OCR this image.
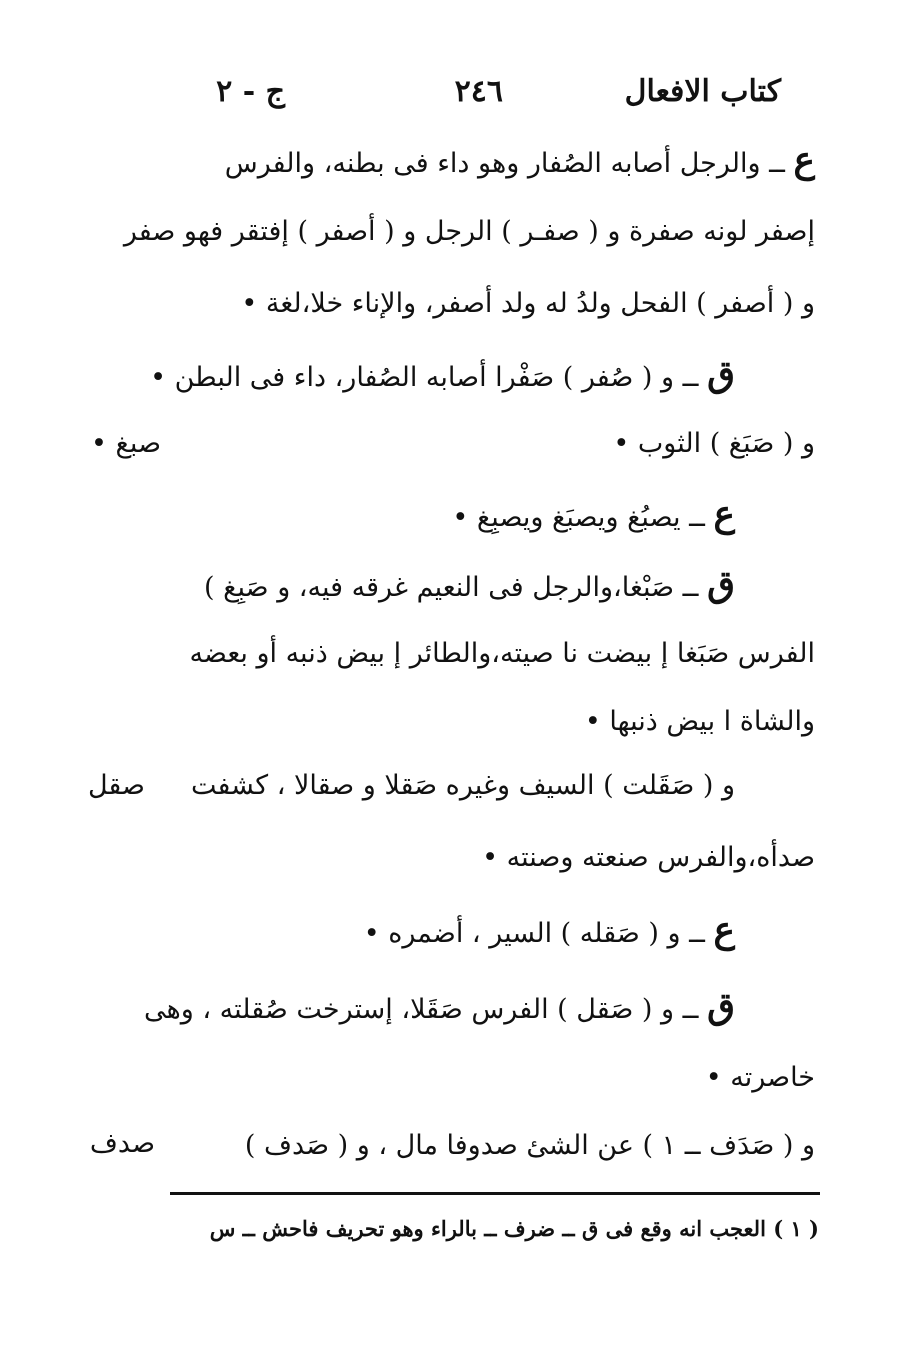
كتاب الافعال
٢٤٦
ج - ٢
ع ــ والرجل أصابه الصُفار وهو داء فى بطنه، والفرس
إصفر لونه صفرة و ( صفـر ) الرجل و ( أصفر ) إفتقر فهو صفر
و ( أصفر ) الفحل ولدُ له ولد أصفر، والإناء خلا،لغة •
ق ــ و ( صُفر ) صَفْرا أصابه الصُفار، داء فى البطن •
و ( صَبَغ ) الثوب •
ع ــ يصبُغ ويصبَغ ويصبِغ •
ق ــ صَبْغا،والرجل فى النعيم غرقه فيه، و صَبِغ )
الفرس صَبَغا إ بيضت نا صيته،والطائر إ بيض ذنبه أو بعضه
والشاة ا بيض ذنبها •
و ( صَقَلت ) السيف وغيره صَقلا و صقالا ، كشفت
صدأه،والفرس صنعته وصنته •
ع ــ و ( صَقله ) السير ، أضمره •
ق ــ و ( صَقل ) الفرس صَقَلا، إسترخت صُقلته ، وهى
خاصرته •
و ( صَدَف ــ ١ ) عن الشئ صدوفا مال ، و ( صَدف )
صبغ •
صقل
صدف
( ١ ) العجب انه وقع فى ق ــ ضرف ــ بالراء وهو تحريف فاحش ــ س
